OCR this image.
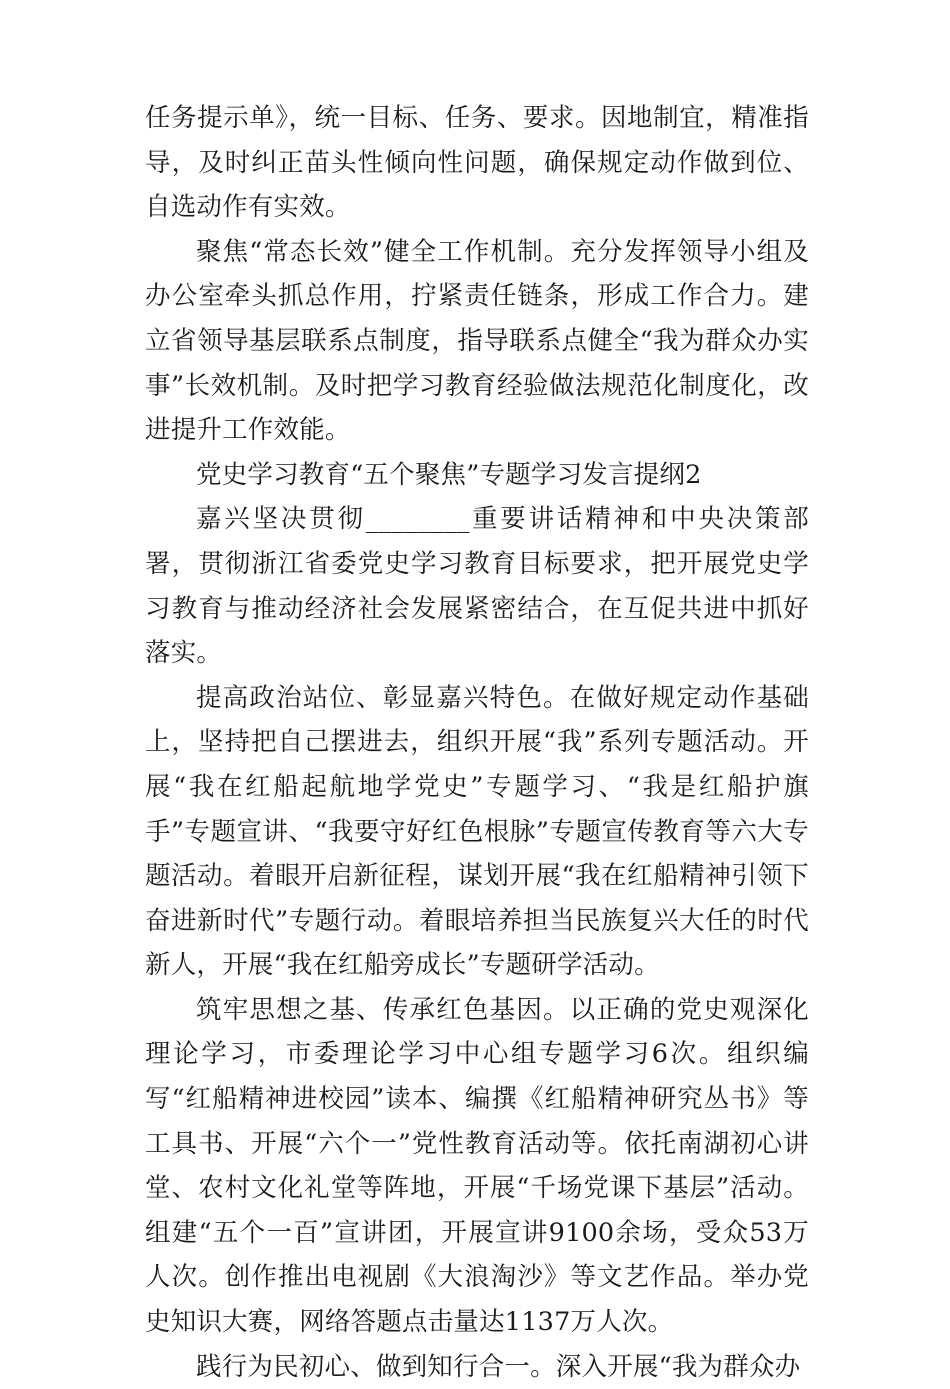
任务提示单》，统一目标、任务、要求。因地制宜，精准指导，及时纠正苗头性倾向性问题，确保规定动作做到位、自选动作有实效。

聚焦“常态长效”健全工作机制。充分发挥领导小组及办公室牵头抓总作用，拧紧责任链条，形成工作合力。建立省领导基层联系点制度，指导联系点健全“我为群众办实事”长效机制。及时把学习教育经验做法规范化制度化，改进提升工作效能。

党史学习教育“五个聚焦”专题学习发言提纲2

嘉兴坚决贯彻________重要讲话精神和中央决策部署，贯彻浙江省委党史学习教育目标要求，把开展党史学习教育与推动经济社会发展紧密结合，在互促共进中抓好落实。

提高政治站位、彰显嘉兴特色。在做好规定动作基础上，坚持把自己摆进去，组织开展“我”系列专题活动。开展“我在红船起航地学党史”专题学习、“我是红船护旗手”专题宣讲、“我要守好红色根脉”专题宣传教育等六大专题活动。着眼开启新征程，谋划开展“我在红船精神引领下奋进新时代”专题行动。着眼培养担当民族复兴大任的时代新人，开展“我在红船旁成长”专题研学活动。

筑牢思想之基、传承红色基因。以正确的党史观深化理论学习，市委理论学习中心组专题学习6次。组织编写“红船精神进校园”读本、编撰《红船精神研究丛书》等工具书、开展“六个一”党性教育活动等。依托南湖初心讲堂、农村文化礼堂等阵地，开展“千场党课下基层”活动。组建“五个一百”宣讲团，开展宣讲9100余场，受众53万人次。创作推出电视剧《大浪淘沙》等文艺作品。举办党史知识大赛，网络答题点击量达1137万人次。

践行为民初心、做到知行合一。深入开展“我为群众办
